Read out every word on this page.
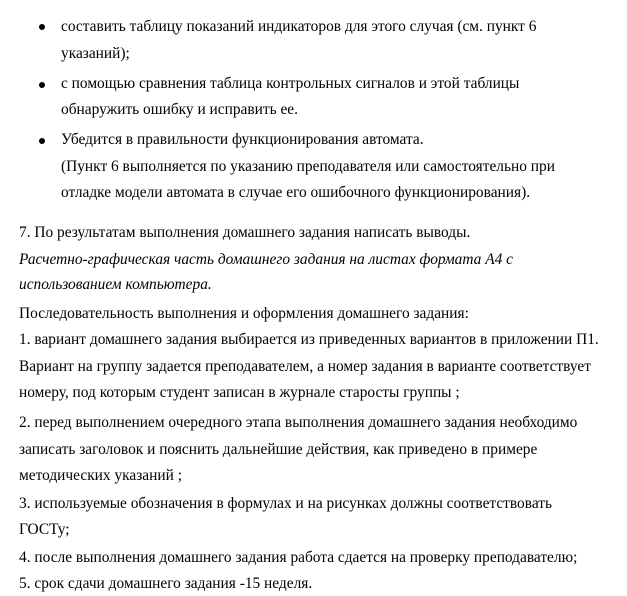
составить таблицу показаний индикаторов для этого случая (см. пункт 6
указаний);
с помощью сравнения таблица контрольных сигналов и этой таблицы
обнаружить ошибку и исправить ее.
Убедится в правильности функционирования автомата.
(Пункт 6 выполняется по указанию преподавателя или самостоятельно при
отладке модели автомата в случае его ошибочного функционирования).
7. По результатам выполнения домашнего задания написать выводы.
Расчетно-графическая часть домашнего задания на листах формата А4 с
использованием компьютера.
Последовательность выполнения и оформления домашнего задания:
1. вариант домашнего задания выбирается из приведенных вариантов в приложении П1.
Вариант на группу задается преподавателем, а номер задания в варианте соответствует
номеру, под которым студент записан в журнале старосты группы ;
2. перед выполнением очередного этапа выполнения домашнего задания необходимо
записать заголовок и пояснить дальнейшие действия, как приведено в примере
методических указаний ;
3. используемые обозначения в формулах и на рисунках должны соответствовать
ГОСТу;
4. после выполнения домашнего задания работа сдается на проверку преподавателю;
5. срок сдачи домашнего задания -15 неделя.
